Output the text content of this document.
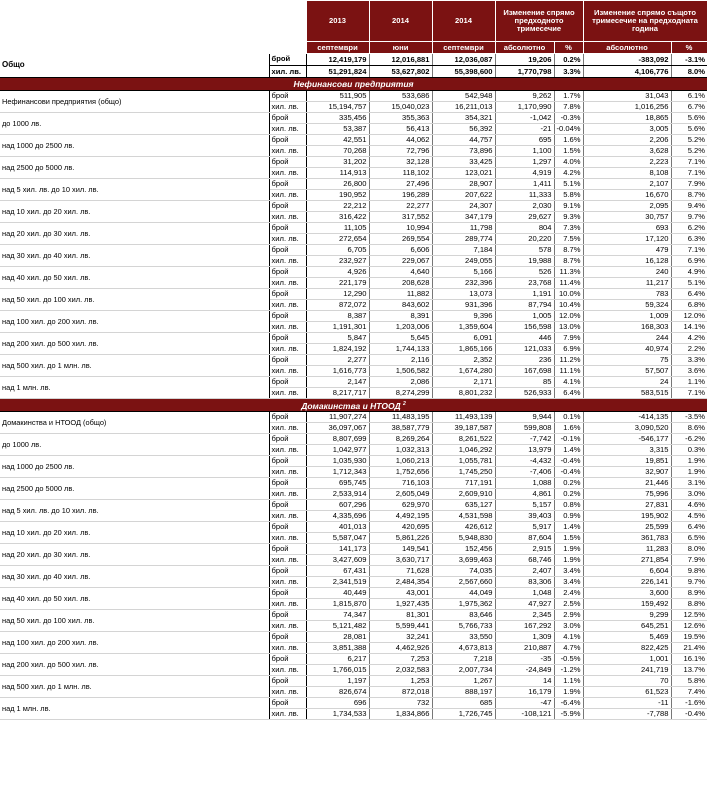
		2013	2014	2014	Изменение спрямо предходното тримесечие		Изменение спрямо същото тримесечие на предходната година	
		септември	юни	септември	абсолютно	%	абсолютно	%
Общо	брой	12,419,179	12,016,881	12,036,087	19,206	0.2%	-383,092	-3.1%
	хил. лв.	51,291,824	53,627,802	55,398,600	1,770,798	3.3%	4,106,776	8.0%
Нефинансови предприятия								
Нефинансови предприятия (общо)	брой	511,905	533,686	542,948	9,262	1.7%	31,043	6.1%
	хил. лв.	15,194,757	15,040,023	16,211,013	1,170,990	7.8%	1,016,256	6.7%
до 1000 лв.	брой	335,456	355,363	354,321	-1,042	-0.3%	18,865	5.6%
	хил. лв.	53,387	56,413	56,392	-21	-0.04%	3,005	5.6%
над 1000 до 2500 лв.	брой	42,551	44,062	44,757	695	1.6%	2,206	5.2%
	хил. лв.	70,268	72,796	73,896	1,100	1.5%	3,628	5.2%
над 2500 до 5000 лв.	брой	31,202	32,128	33,425	1,297	4.0%	2,223	7.1%
	хил. лв.	114,913	118,102	123,021	4,919	4.2%	8,108	7.1%
над 5 хил. лв. до 10 хил. лв.	брой	26,800	27,496	28,907	1,411	5.1%	2,107	7.9%
	хил. лв.	190,952	196,289	207,622	11,333	5.8%	16,670	8.7%
над 10 хил. до 20 хил. лв.	брой	22,212	22,277	24,307	2,030	9.1%	2,095	9.4%
	хил. лв.	316,422	317,552	347,179	29,627	9.3%	30,757	9.7%
над 20 хил. до 30 хил. лв.	брой	11,105	10,994	11,798	804	7.3%	693	6.2%
	хил. лв.	272,654	269,554	289,774	20,220	7.5%	17,120	6.3%
над 30 хил. до 40 хил. лв.	брой	6,705	6,606	7,184	578	8.7%	479	7.1%
	хил. лв.	232,927	229,067	249,055	19,988	8.7%	16,128	6.9%
над 40 хил. до 50 хил. лв.	брой	4,926	4,640	5,166	526	11.3%	240	4.9%
	хил. лв.	221,179	208,628	232,396	23,768	11.4%	11,217	5.1%
над 50 хил. до 100 хил. лв.	брой	12,290	11,882	13,073	1,191	10.0%	783	6.4%
	хил. лв.	872,072	843,602	931,396	87,794	10.4%	59,324	6.8%
над 100 хил. до 200 хил. лв.	брой	8,387	8,391	9,396	1,005	12.0%	1,009	12.0%
	хил. лв.	1,191,301	1,203,006	1,359,604	156,598	13.0%	168,303	14.1%
над 200 хил. до 500 хил. лв.	брой	5,847	5,645	6,091	446	7.9%	244	4.2%
	хил. лв.	1,824,192	1,744,133	1,865,166	121,033	6.9%	40,974	2.2%
над 500 хил. до 1 млн. лв.	брой	2,277	2,116	2,352	236	11.2%	75	3.3%
	хил. лв.	1,616,773	1,506,582	1,674,280	167,698	11.1%	57,507	3.6%
над 1 млн. лв.	брой	2,147	2,086	2,171	85	4.1%	24	1.1%
	хил. лв.	8,217,717	8,274,299	8,801,232	526,933	6.4%	583,515	7.1%
Домакинства и НТООД $^2$
Домакинства и НТООД (общо)	брой	11,907,274	11,483,195	11,493,139	9,944	0.1%	-414,135	-3.5%
	хил. лв.	36,097,067	38,587,779	39,187,587	599,808	1.6%	3,090,520	8.6%
до 1000 лв.	брой	8,807,699	8,269,264	8,261,522	-7,742	-0.1%	-546,177	-6.2%
	хил. лв.	1,042,977	1,032,313	1,046,292	13,979	1.4%	3,315	0.3%
над 1000 до 2500 лв.	брой	1,035,930	1,060,213	1,055,781	-4,432	-0.4%	19,851	1.9%
	хил. лв.	1,712,343	1,752,656	1,745,250	-7,406	-0.4%	32,907	1.9%
над 2500 до 5000 лв.	брой	695,745	716,103	717,191	1,088	0.2%	21,446	3.1%
	хил. лв.	2,533,914	2,605,049	2,609,910	4,861	0.2%	75,996	3.0%
над 5 хил. лв. до 10 хил. лв.	брой	607,296	629,970	635,127	5,157	0.8%	27,831	4.6%
	хил. лв.	4,335,696	4,492,195	4,531,598	39,403	0.9%	195,902	4.5%
над 10 хил. до 20 хил. лв.	брой	401,013	420,695	426,612	5,917	1.4%	25,599	6.4%
	хил. лв.	5,587,047	5,861,226	5,948,830	87,604	1.5%	361,783	6.5%
над 20 хил. до 30 хил. лв.	брой	141,173	149,541	152,456	2,915	1.9%	11,283	8.0%
	хил. лв.	3,427,609	3,630,717	3,699,463	68,746	1.9%	271,854	7.9%
над 30 хил. до 40 хил. лв.	брой	67,431	71,628	74,035	2,407	3.4%	6,604	9.8%
	хил. лв.	2,341,519	2,484,354	2,567,660	83,306	3.4%	226,141	9.7%
над 40 хил. до 50 хил. лв.	брой	40,449	43,001	44,049	1,048	2.4%	3,600	8.9%
	хил. лв.	1,815,870	1,927,435	1,975,362	47,927	2.5%	159,492	8.8%
над 50 хил. до 100 хил. лв.	брой	74,347	81,301	83,646	2,345	2.9%	9,299	12.5%
	хил. лв.	5,121,482	5,599,441	5,766,733	167,292	3.0%	645,251	12.6%
над 100 хил. до 200 хил. лв.	брой	28,081	32,241	33,550	1,309	4.1%	5,469	19.5%
	хил. лв.	3,851,388	4,462,926	4,673,813	210,887	4.7%	822,425	21.4%
над 200 хил. до 500 хил. лв.	брой	6,217	7,253	7,218	-35	-0.5%	1,001	16.1%
	хил. лв.	1,766,015	2,032,583	2,007,734	-24,849	-1.2%	241,719	13.7%
над 500 хил. до 1 млн. лв.	брой	1,197	1,253	1,267	14	1.1%	70	5.8%
	хил. лв.	826,674	872,018	888,197	16,179	1.9%	61,523	7.4%
над 1 млн. лв.	брой	696	732	685	-47	-6.4%	-11	-1.6%
	хил. лв.	1,734,533	1,834,866	1,726,745	-108,121	-5.9%	-7,788	-0.4%
